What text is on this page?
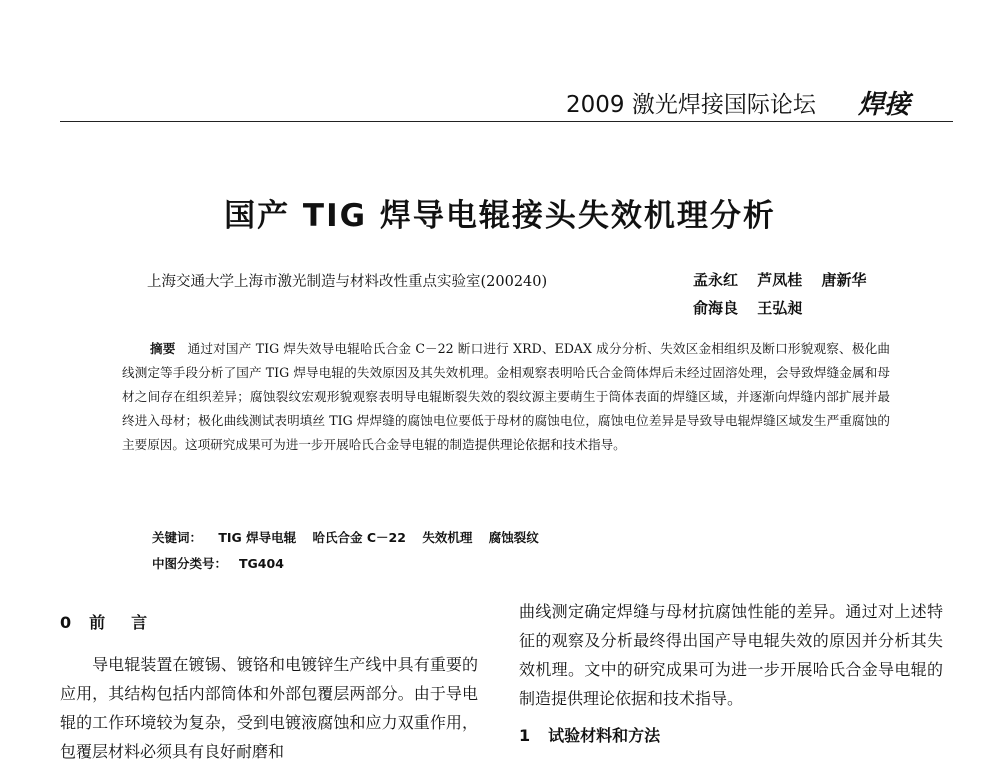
2009 激光焊接国际论坛 焊接
国产 TIG 焊导电辊接头失效机理分析
上海交通大学上海市激光制造与材料改性重点实验室(200240)	孟永红 芦凤桂 唐新华
俞海良 王弘昶
摘要 通过对国产 TIG 焊失效导电辊哈氏合金 C－22 断口进行 XRD、EDAX 成分分析、失效区金相组织及断口形貌观察、极化曲线测定等手段分析了国产 TIG 焊导电辊的失效原因及其失效机理。金相观察表明哈氏合金筒体焊后未经过固溶处理，会导致焊缝金属和母材之间存在组织差异；腐蚀裂纹宏观形貌观察表明导电辊断裂失效的裂纹源主要萌生于筒体表面的焊缝区域，并逐渐向焊缝内部扩展并最终进入母材；极化曲线测试表明填丝 TIG 焊焊缝的腐蚀电位要低于母材的腐蚀电位，腐蚀电位差异是导致导电辊焊缝区域发生严重腐蚀的主要原因。这项研究成果可为进一步开展哈氏合金导电辊的制造提供理论依据和技术指导。
关键词： TIG 焊导电辊 哈氏合金 C－22 失效机理 腐蚀裂纹
中图分类号： TG404
0 前言
导电辊装置在镀锡、镀铬和电镀锌生产线中具有重要的应用，其结构包括内部筒体和外部包覆层两部分。由于导电辊的工作环境较为复杂，受到电镀液腐蚀和应力双重作用，包覆层材料必须具有良好耐磨和
曲线测定确定焊缝与母材抗腐蚀性能的差异。通过对上述特征的观察及分析最终得出国产导电辊失效的原因并分析其失效机理。文中的研究成果可为进一步开展哈氏合金导电辊的制造提供理论依据和技术指导。
1 试验材料和方法
